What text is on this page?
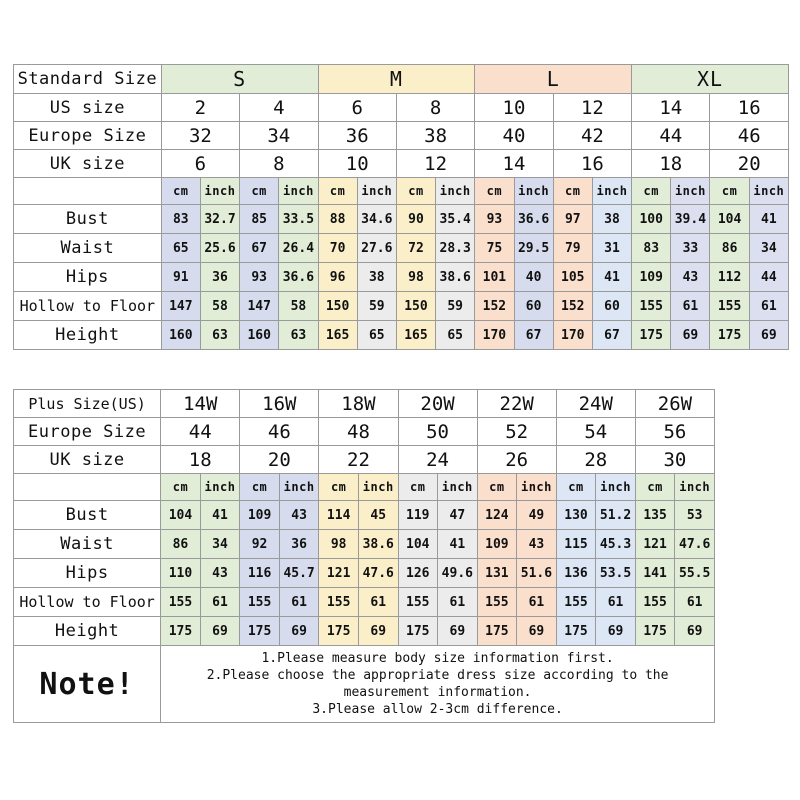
Standard Size	S				M				L				XL			
US size	2		4		6		8		10		12		14		16	
Europe Size	32		34		36		38		40		42		44		46	
UK size	6		8		10		12		14		16		18		20	
	cm	inch	cm	inch	cm	inch	cm	inch	cm	inch	cm	inch	cm	inch	cm	inch
Bust	83	32.7	85	33.5	88	34.6	90	35.4	93	36.6	97	38	100	39.4	104	41
Waist	65	25.6	67	26.4	70	27.6	72	28.3	75	29.5	79	31	83	33	86	34
Hips	91	36	93	36.6	96	38	98	38.6	101	40	105	41	109	43	112	44
Hollow to Floor	147	58	147	58	150	59	150	59	152	60	152	60	155	61	155	61
Height	160	63	160	63	165	65	165	65	170	67	170	67	175	69	175	69
Plus Size(US)	14W		16W		18W		20W		22W		24W		26W	
Europe Size	44		46		48		50		52		54		56	
UK size	18		20		22		24		26		28		30	
	cm	inch	cm	inch	cm	inch	cm	inch	cm	inch	cm	inch	cm	inch
Bust	104	41	109	43	114	45	119	47	124	49	130	51.2	135	53
Waist	86	34	92	36	98	38.6	104	41	109	43	115	45.3	121	47.6
Hips	110	43	116	45.7	121	47.6	126	49.6	131	51.6	136	53.5	141	55.5
Hollow to Floor	155	61	155	61	155	61	155	61	155	61	155	61	155	61
Height	175	69	175	69	175	69	175	69	175	69	175	69	175	69
Note!	1.Please measure body size information first.
2.Please choose the appropriate dress size according to the
measurement information.
3.Please allow 2-3cm difference.													
